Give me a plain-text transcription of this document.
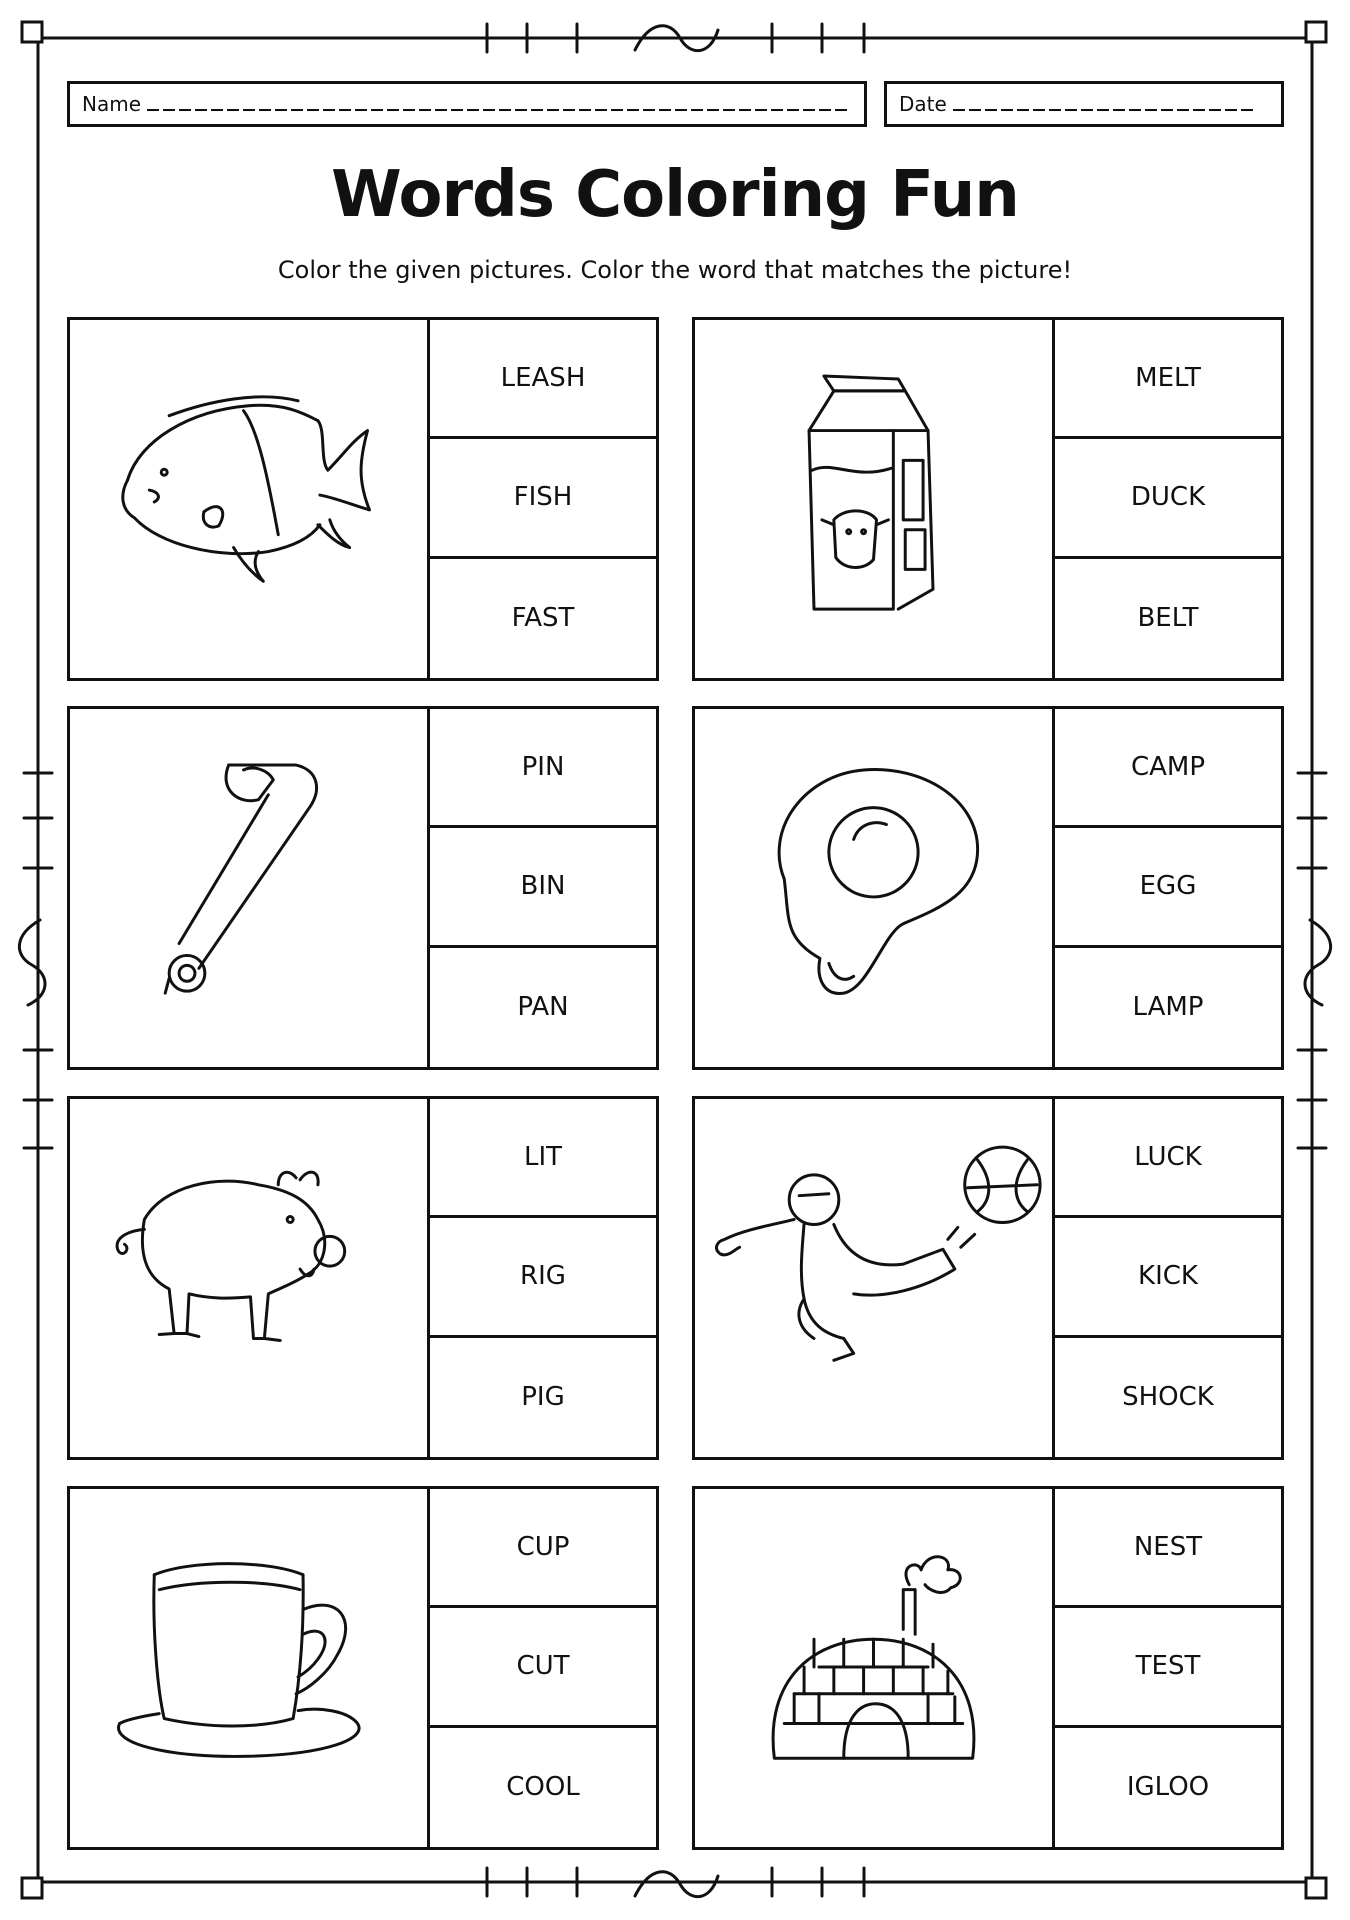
Name	Date
Words Coloring Fun

Color the given pictures. Color the word that matches the picture!

LEASH
FISH
FAST
MELT
DUCK
BELT
PIN
BIN
PAN
CAMP
EGG
LAMP
LIT
RIG
PIG
LUCK
KICK
SHOCK
CUP
CUT
COOL
NEST
TEST
IGLOO
